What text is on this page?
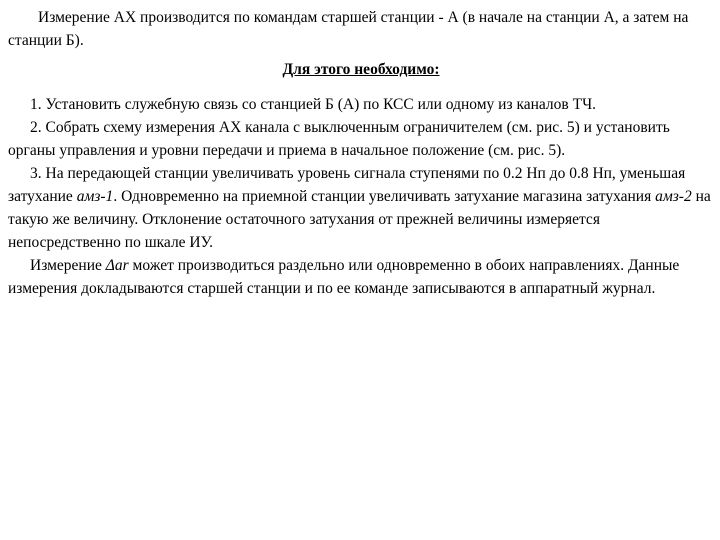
Измерение АХ производится по командам старшей станции - А (в начале на станции А, а затем на станции Б).

Для этого необходимо:

1. Установить служебную связь со станцией Б (А) по КСС или одному из каналов ТЧ.

2. Собрать схему измерения АХ канала с выключенным ограничителем (см. рис. 5) и установить органы управления и уровни передачи и приема в начальное положение (см. рис. 5).

3. На передающей станции увеличивать уровень сигнала ступенями по 0.2 Нп до 0.8 Нп, уменьшая затухание амз-1. Одновременно на приемной станции увеличивать затухание магазина затухания амз-2 на такую же величину. Отклонение остаточного затухания от прежней величины измеряется непосредственно по шкале ИУ.

Измерение Δar может производиться раздельно или одновременно в обоих направлениях. Данные измерения докладываются старшей станции и по ее команде записываются в аппаратный журнал.
